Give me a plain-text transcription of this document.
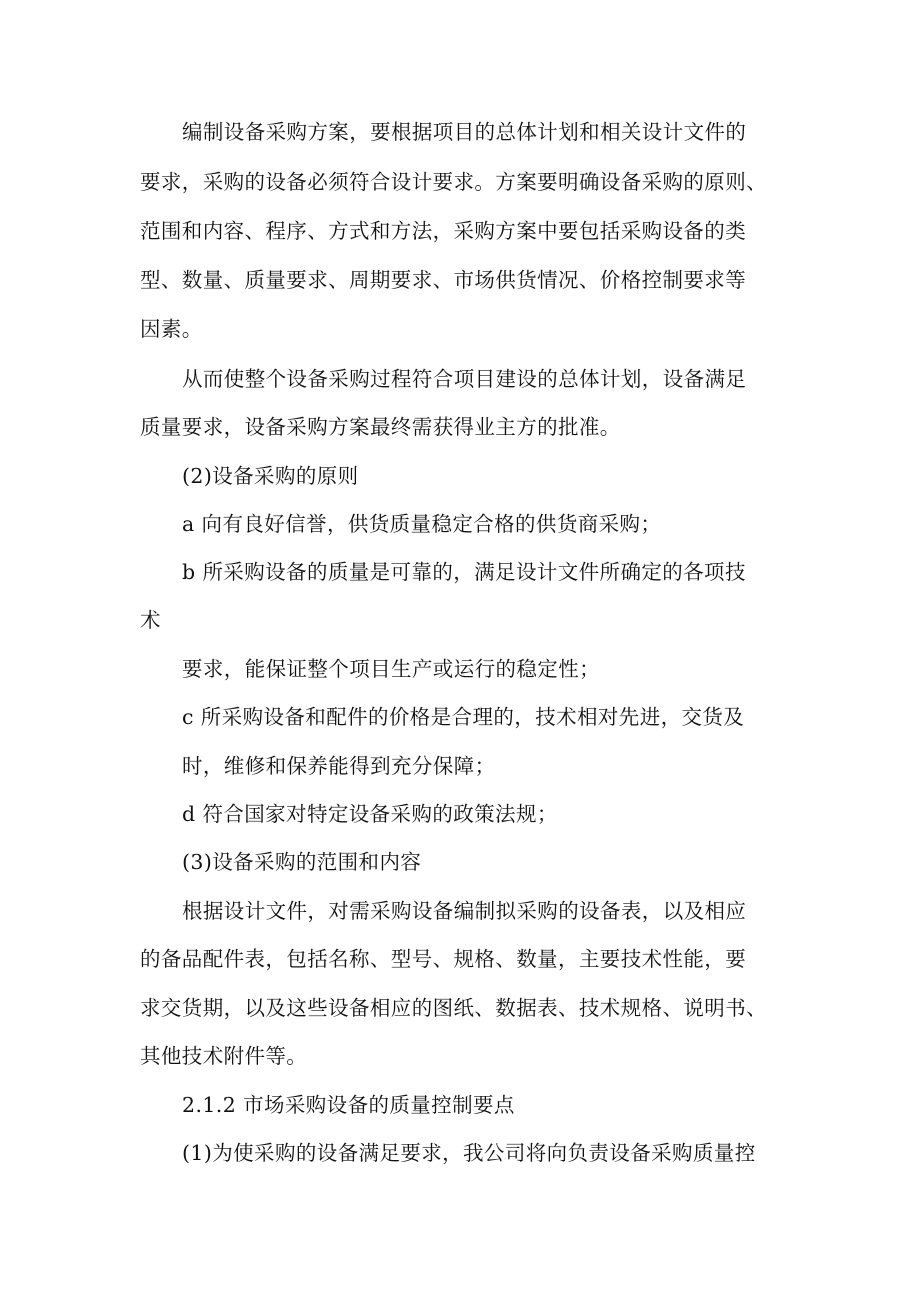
编制设备采购方案，要根据项目的总体计划和相关设计文件的
要求，采购的设备必须符合设计要求。方案要明确设备采购的原则、
范围和内容、程序、方式和方法，采购方案中要包括采购设备的类
型、数量、质量要求、周期要求、市场供货情况、价格控制要求等
因素。
从而使整个设备采购过程符合项目建设的总体计划，设备满足
质量要求，设备采购方案最终需获得业主方的批准。
(2)设备采购的原则
a 向有良好信誉，供货质量稳定合格的供货商采购；
b 所采购设备的质量是可靠的，满足设计文件所确定的各项技
术
要求，能保证整个项目生产或运行的稳定性；
c 所采购设备和配件的价格是合理的，技术相对先进，交货及
时，维修和保养能得到充分保障；
d 符合国家对特定设备采购的政策法规；
(3)设备采购的范围和内容
根据设计文件，对需采购设备编制拟采购的设备表，以及相应
的备品配件表，包括名称、型号、规格、数量，主要技术性能，要
求交货期，以及这些设备相应的图纸、数据表、技术规格、说明书、
其他技术附件等。
2.1.2 市场采购设备的质量控制要点
(1)为使采购的设备满足要求，我公司将向负责设备采购质量控
